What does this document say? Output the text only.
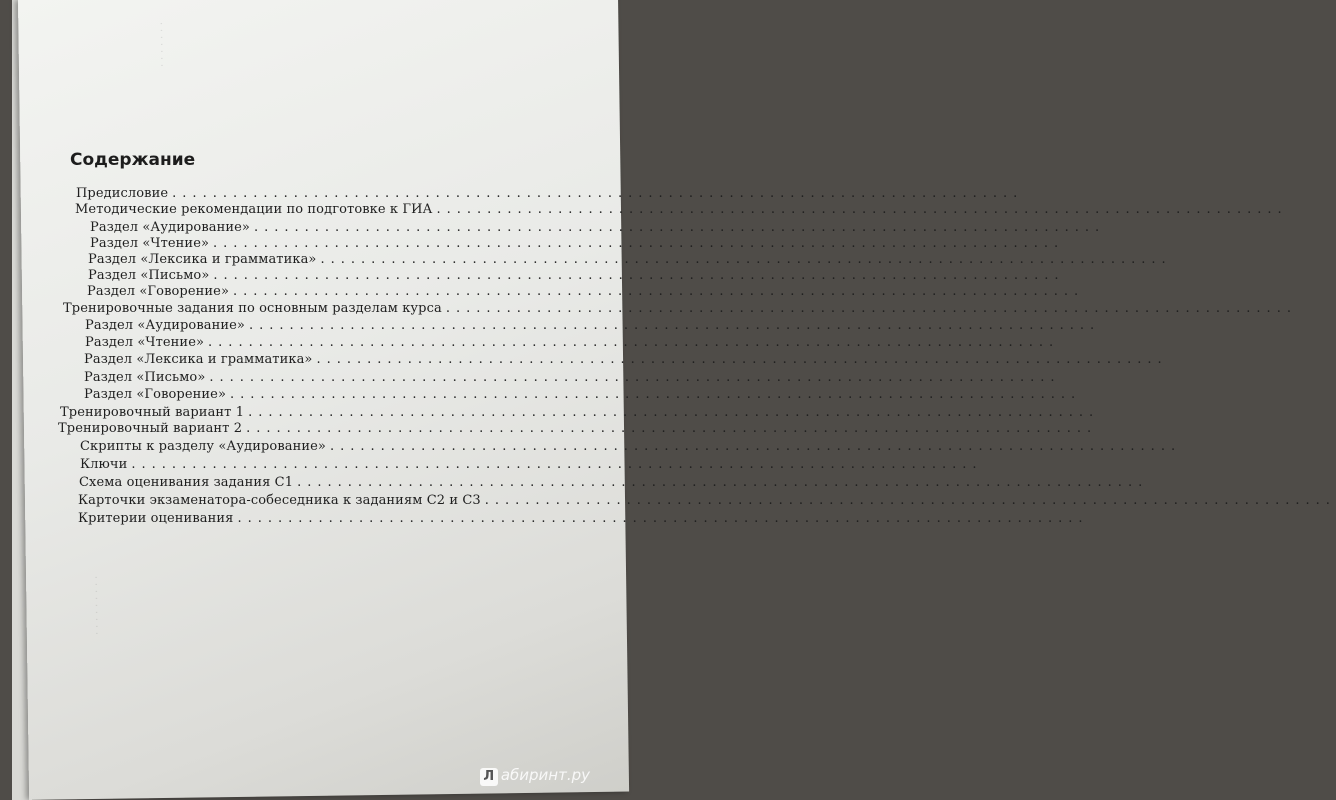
· · · · · · ·
· · · · · · · · ·
Содержание
Предисловие ....................................................................................
Методические рекомендации по подготовке к ГИА ....................................................................................
Раздел «Аудирование» ....................................................................................
Раздел «Чтение» ....................................................................................
Раздел «Лексика и грамматика» ....................................................................................
Раздел «Письмо» ....................................................................................
Раздел «Говорение» ....................................................................................
Тренировочные задания по основным разделам курса ....................................................................................
Раздел «Аудирование» ....................................................................................
Раздел «Чтение» ....................................................................................
Раздел «Лексика и грамматика» ....................................................................................
Раздел «Письмо» ....................................................................................
Раздел «Говорение» ....................................................................................
Тренировочный вариант 1 ....................................................................................
Тренировочный вариант 2 ....................................................................................
Скрипты к разделу «Аудирование» ....................................................................................
Ключи ....................................................................................
Схема оценивания задания С1 ....................................................................................
Карточки экзаменатора-собеседника к заданиям С2 и С3 ....................................................................................
Критерии оценивания ....................................................................................
Л абиринт.ру
